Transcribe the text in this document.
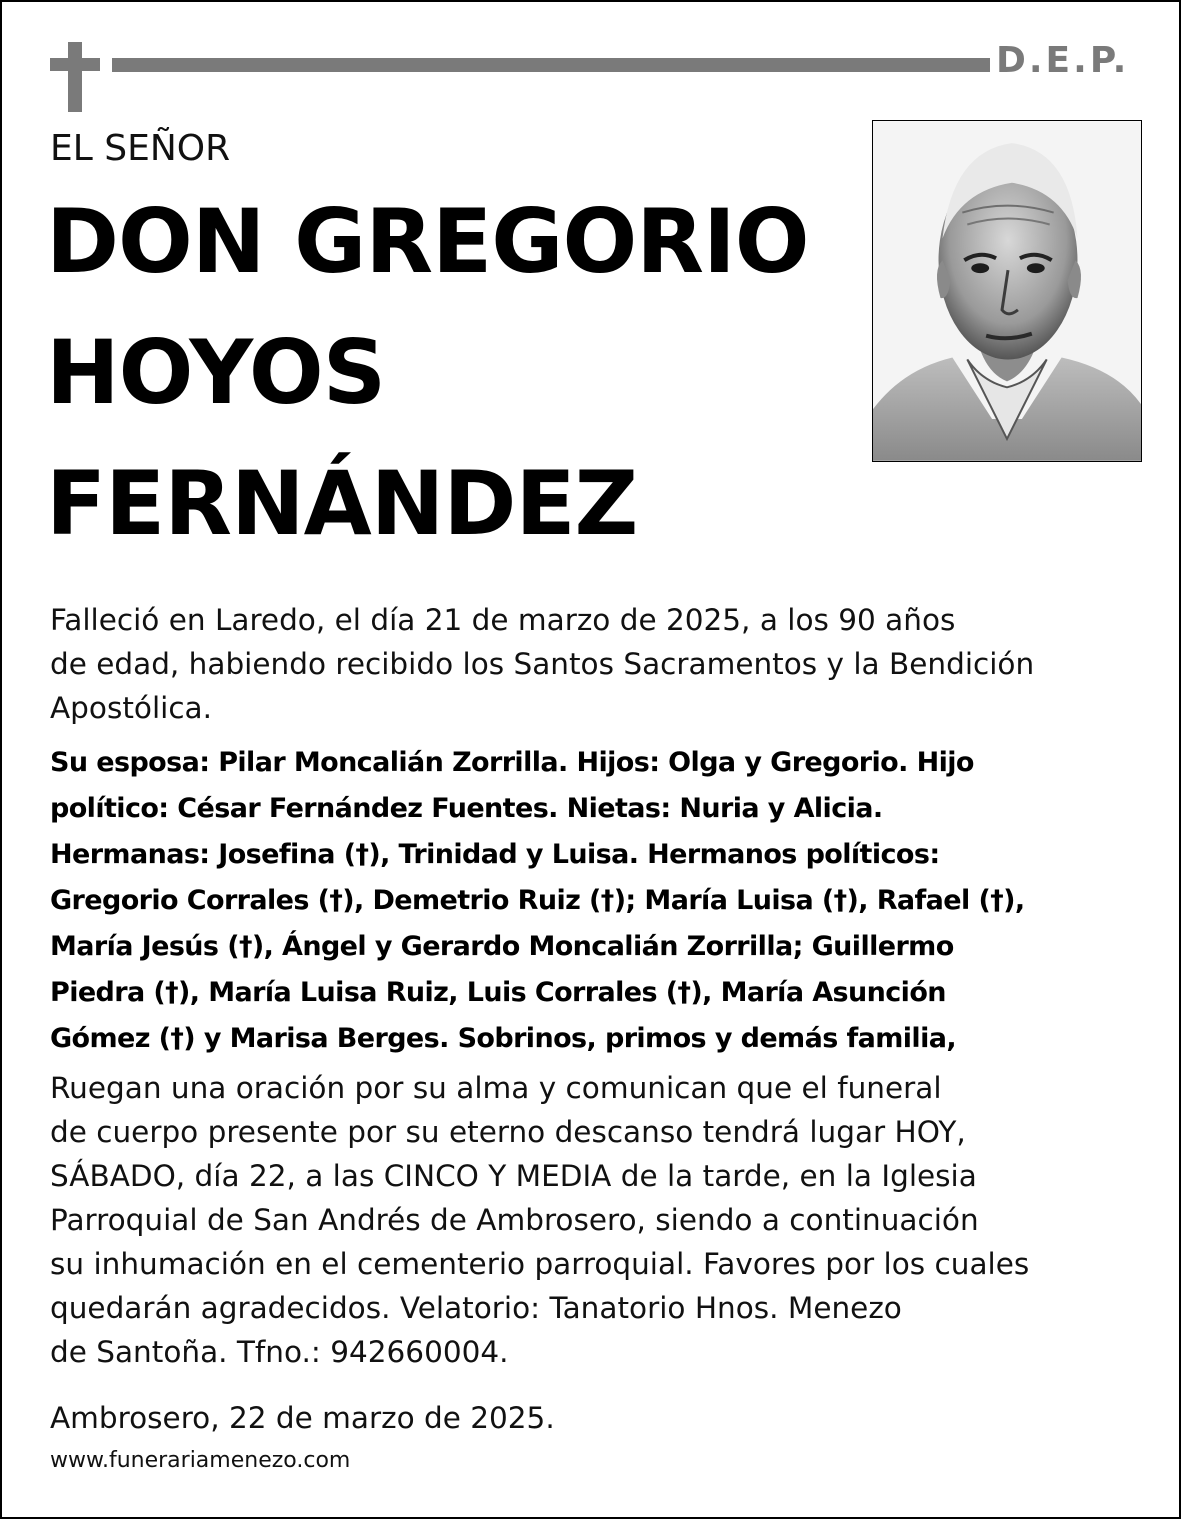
D.E.P.
EL SEÑOR
DON GREGORIO
HOYOS
FERNÁNDEZ
Falleció en Laredo, el día 21 de marzo de 2025, a los 90 años
de edad, habiendo recibido los Santos Sacramentos y la Bendición
Apostólica.
Su esposa: Pilar Moncalián Zorrilla. Hijos: Olga y Gregorio. Hijo
político: César Fernández Fuentes. Nietas: Nuria y Alicia.
Hermanas: Josefina (†), Trinidad y Luisa. Hermanos políticos:
Gregorio Corrales (†), Demetrio Ruiz (†); María Luisa (†), Rafael (†),
María Jesús (†), Ángel y Gerardo Moncalián Zorrilla; Guillermo
Piedra (†), María Luisa Ruiz, Luis Corrales (†), María Asunción
Gómez (†) y Marisa Berges. Sobrinos, primos y demás familia,
Ruegan una oración por su alma y comunican que el funeral
de cuerpo presente por su eterno descanso tendrá lugar HOY,
SÁBADO, día 22, a las CINCO Y MEDIA de la tarde, en la Iglesia
Parroquial de San Andrés de Ambrosero, siendo a continuación
su inhumación en el cementerio parroquial. Favores por los cuales
quedarán agradecidos. Velatorio: Tanatorio Hnos. Menezo
de Santoña. Tfno.: 942660004.
Ambrosero, 22 de marzo de 2025.
www.funerariamenezo.com
